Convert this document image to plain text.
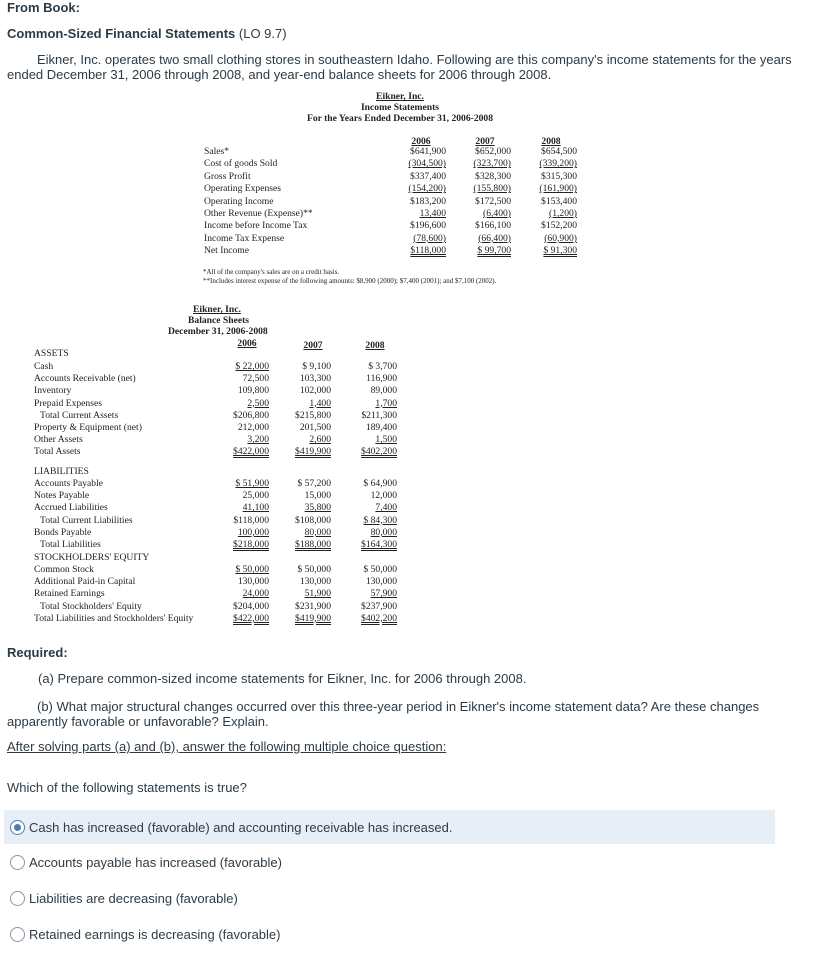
From Book:
Common-Sized Financial Statements (LO 9.7)
Eikner, Inc. operates two small clothing stores in southeastern Idaho. Following are this company's income statements for the years ended December 31, 2006 through 2008, and year-end balance sheets for 2006 through 2008.
Eikner, Inc.
Income Statements
For the Years Ended December 31, 2006-2008
2006	2007	2008
Sales*	$641,900	$652,000	$654,500
Cost of goods Sold	(304,500)	(323,700)	(339,200)
Gross Profit	$337,400	$328,300	$315,300
Operating Expenses	(154,200)	(155,800)	(161,900)
Operating Income	$183,200	$172,500	$153,400
Other Revenue (Expense)**	13,400	(6,400)	(1,200)
Income before Income Tax	$196,600	$166,100	$152,200
Income Tax Expense	(78,600)	(66,400)	(60,900)
Net Income	$118,000	$ 99,700	$ 91,300
*All of the company's sales are on a credit basis.
**Includes interest expense of the following amounts: $8,900 (2000); $7,400 (2001); and $7,100 (2002).
Eikner, Inc.
Balance Sheets
December 31, 2006-2008
2006	2007	2008
ASSETS
Cash	$ 22,000	$ 9,100	$ 3,700
Accounts Receivable (net)	72,500	103,300	116,900
Inventory	109,800	102,000	89,000
Prepaid Expenses	2,500	1,400	1,700
Total Current Assets	$206,800	$215,800	$211,300
Property & Equipment (net)	212,000	201,500	189,400
Other Assets	3,200	2,600	1,500
Total Assets	$422,000	$419,900	$402,200
LIABILITIES
Accounts Payable	$ 51,900	$ 57,200	$ 64,900
Notes Payable	25,000	15,000	12,000
Accrued Liabilities	41,100	35,800	7,400
Total Current Liabilities	$118,000	$108,000	$ 84,300
Bonds Payable	100,000	80,000	80,000
Total Liabilities	$218,000	$188,000	$164,300
STOCKHOLDERS' EQUITY
Common Stock	$ 50,000	$ 50,000	$ 50,000
Additional Paid-in Capital	130,000	130,000	130,000
Retained Earnings	24,000	51,900	57,900
Total Stockholders' Equity	$204,000	$231,900	$237,900
Total Liabilities and Stockholders' Equity	$422,000	$419,900	$402,200
Required:
(a) Prepare common-sized income statements for Eikner, Inc. for 2006 through 2008.
(b) What major structural changes occurred over this three-year period in Eikner's income statement data? Are these changes apparently favorable or unfavorable? Explain.
After solving parts (a) and (b), answer the following multiple choice question:
Which of the following statements is true?
Cash has increased (favorable) and accounting receivable has increased.
Accounts payable has increased (favorable)
Liabilities are decreasing (favorable)
Retained earnings is decreasing (favorable)
